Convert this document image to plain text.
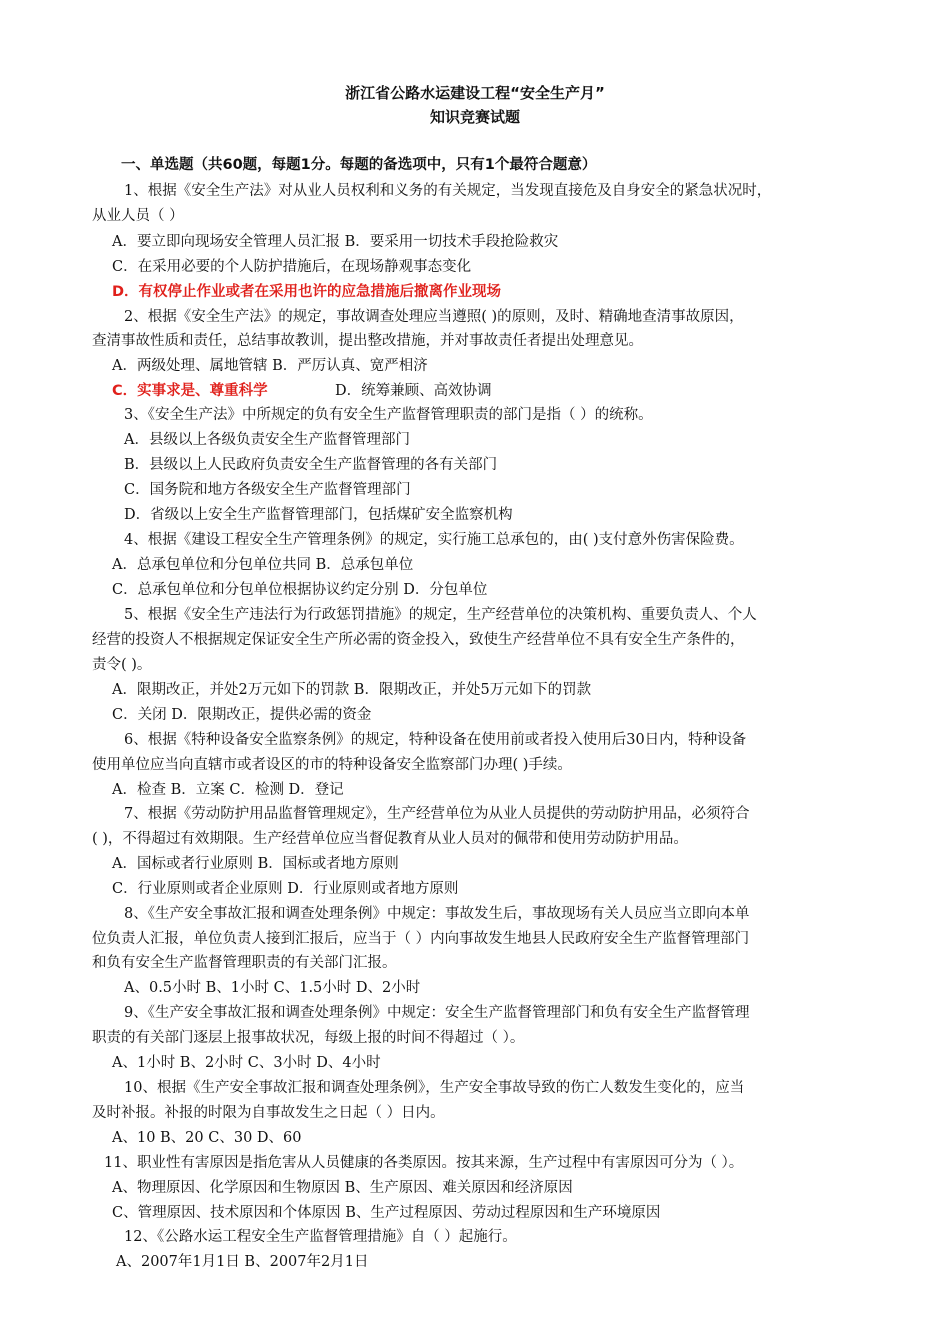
浙江省公路水运建设工程“安全生产月”
知识竞赛试题
一、单选题（共60题，每题1分。每题的备选项中，只有1个最符合题意）
1、根据《安全生产法》对从业人员权利和义务的有关规定，当发现直接危及自身安全的紧急状况时，
从业人员（ ）
A．要立即向现场安全管理人员汇报 B．要采用一切技术手段抢险救灾
C．在采用必要的个人防护措施后，在现场静观事态变化
D．有权停止作业或者在采用也许的应急措施后撤离作业现场
2、根据《安全生产法》的规定，事故调查处理应当遵照( )的原则，及时、精确地查清事故原因，
查清事故性质和责任，总结事故教训，提出整改措施，并对事故责任者提出处理意见。
A．两级处理、属地管辖 B．严厉认真、宽严相济
C．实事求是、尊重科学	D．统筹兼顾、高效协调
3、《安全生产法》中所规定的负有安全生产监督管理职责的部门是指（ ）的统称。
A．县级以上各级负责安全生产监督管理部门
B．县级以上人民政府负责安全生产监督管理的各有关部门
C．国务院和地方各级安全生产监督管理部门
D．省级以上安全生产监督管理部门，包括煤矿安全监察机构
4、根据《建设工程安全生产管理条例》的规定，实行施工总承包的，由( )支付意外伤害保险费。
A．总承包单位和分包单位共同 B．总承包单位
C．总承包单位和分包单位根据协议约定分别 D．分包单位
5、根据《安全生产违法行为行政惩罚措施》的规定，生产经营单位的决策机构、重要负责人、个人
经营的投资人不根据规定保证安全生产所必需的资金投入，致使生产经营单位不具有安全生产条件的，
责令( )。
A．限期改正，并处2万元如下的罚款 B．限期改正，并处5万元如下的罚款
C．关闭 D．限期改正，提供必需的资金
6、根据《特种设备安全监察条例》的规定，特种设备在使用前或者投入使用后30日内，特种设备
使用单位应当向直辖市或者设区的市的特种设备安全监察部门办理( )手续。
A．检查 B．立案 C．检测 D．登记
7、根据《劳动防护用品监督管理规定》，生产经营单位为从业人员提供的劳动防护用品，必须符合
( )，不得超过有效期限。生产经营单位应当督促教育从业人员对的佩带和使用劳动防护用品。
A．国标或者行业原则 B．国标或者地方原则
C．行业原则或者企业原则 D．行业原则或者地方原则
8、《生产安全事故汇报和调查处理条例》中规定：事故发生后，事故现场有关人员应当立即向本单
位负责人汇报，单位负责人接到汇报后，应当于（ ）内向事故发生地县人民政府安全生产监督管理部门
和负有安全生产监督管理职责的有关部门汇报。
A、0.5小时 B、1小时 C、1.5小时 D、2小时
9、《生产安全事故汇报和调查处理条例》中规定：安全生产监督管理部门和负有安全生产监督管理
职责的有关部门逐层上报事故状况，每级上报的时间不得超过（ ）。
A、1小时 B、2小时 C、3小时 D、4小时
10、根据《生产安全事故汇报和调查处理条例》，生产安全事故导致的伤亡人数发生变化的，应当
及时补报。补报的时限为自事故发生之日起（ ）日内。
A、10 B、20 C、30 D、60
11、职业性有害原因是指危害从人员健康的各类原因。按其来源，生产过程中有害原因可分为（ ）。
A、物理原因、化学原因和生物原因 B、生产原因、难关原因和经济原因
C、管理原因、技术原因和个体原因 B、生产过程原因、劳动过程原因和生产环境原因
12、《公路水运工程安全生产监督管理措施》自（ ）起施行。
A、2007年1月1日 B、2007年2月1日
